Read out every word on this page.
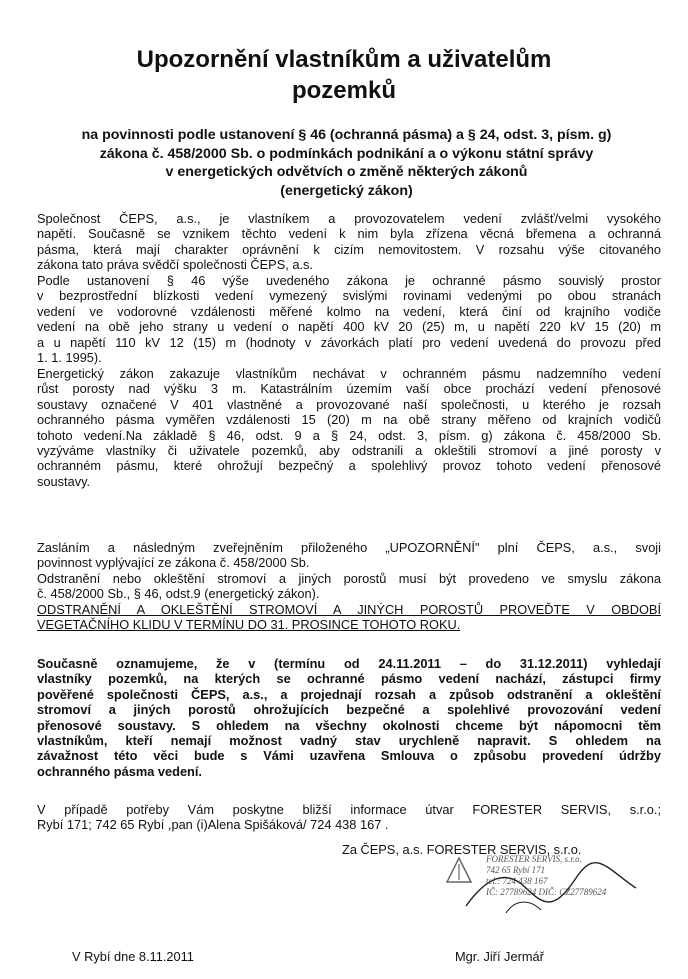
Upozornění vlastníkům a uživatelům
pozemků
na povinnosti podle ustanovení § 46 (ochranná pásma) a § 24, odst. 3, písm. g)
zákona č. 458/2000 Sb. o podmínkách podnikání a o výkonu státní správy
v energetických odvětvích o změně některých zákonů
(energetický zákon)
Společnost ČEPS, a.s., je vlastníkem a provozovatelem vedení zvlášť/velmi vysokého
napětí. Současně se vznikem těchto vedení k nim byla zřízena věcná břemena a ochranná
pásma, která mají charakter oprávnění k cizím nemovitostem. V rozsahu výše citovaného
zákona tato práva svědčí společnosti ČEPS, a.s.
Podle ustanovení § 46 výše uvedeného zákona je ochranné pásmo souvislý prostor
v bezprostřední blízkosti vedení vymezený svislými rovinami vedenými po obou stranách
vedení ve vodorovné vzdálenosti měřené kolmo na vedení, která činí od krajního vodiče
vedení na obě jeho strany u vedení o napětí 400 kV 20 (25) m, u napětí 220 kV 15 (20) m
a u napětí 110 kV 12 (15) m (hodnoty v závorkách platí pro vedení uvedená do provozu před
1. 1. 1995).
Energetický zákon zakazuje vlastníkům nechávat v ochranném pásmu nadzemního vedení
růst porosty nad výšku 3 m. Katastrálním územím vaší obce prochází vedení přenosové
soustavy označené V 401 vlastněné a provozované naší společnosti, u kterého je rozsah
ochranného pásma vyměřen vzdálenosti 15 (20) m na obě strany měřeno od krajních vodičů
tohoto vedení.Na základě § 46, odst. 9 a § 24, odst. 3, písm. g) zákona č. 458/2000 Sb.
vyzýváme vlastníky či uživatele pozemků, aby odstranili a okleštili stromoví a jiné porosty v
ochranném pásmu, které ohrožují bezpečný a spolehlivý provoz tohoto vedení přenosové
soustavy.
Zasláním a následným zveřejněním přiloženého „UPOZORNĚNÍ" plní ČEPS, a.s., svoji
povinnost vyplývající ze zákona č. 458/2000 Sb.
Odstranění nebo okleštění stromoví a jiných porostů musí být provedeno ve smyslu zákona
č. 458/2000 Sb., § 46, odst.9 (energetický zákon).
ODSTRANĚNÍ A OKLEŠTĚNÍ STROMOVÍ A JINÝCH POROSTŮ PROVEĎTE V OBDOBÍ
VEGETAČNÍHO KLIDU V TERMÍNU DO 31. PROSINCE TOHOTO ROKU.
Současně oznamujeme, že v (termínu od 24.11.2011 – do 31.12.2011) vyhledají
vlastníky pozemků, na kterých se ochranné pásmo vedení nachází, zástupci firmy
pověřené společnosti ČEPS, a.s., a projednají rozsah a způsob odstranění a okleštění
stromoví a jiných porostů ohrožujících bezpečné a spolehlivé provozování vedení
přenosové soustavy. S ohledem na všechny okolnosti chceme být nápomocni těm
vlastníkům, kteří nemají možnost vadný stav urychleně napravit. S ohledem na
závažnost této věci bude s Vámi uzavřena Smlouva o způsobu provedení údržby
ochranného pásma vedení.
V případě potřeby Vám poskytne bližší informace útvar FORESTER SERVIS, s.r.o.;
Rybí 171; 742 65 Rybí ,pan (i)Alena Spišáková/ 724 438 167 .
Za ČEPS, a.s. FORESTER SERVIS, s.r.o.
FORESTER SERVIS, s.r.o.
742 65 Rybí 171
tel.: 724 438 167
IČ: 27789624 DIČ: CZ27789624
V Rybí dne 8.11.2011	Mgr. Jiří Jermář
